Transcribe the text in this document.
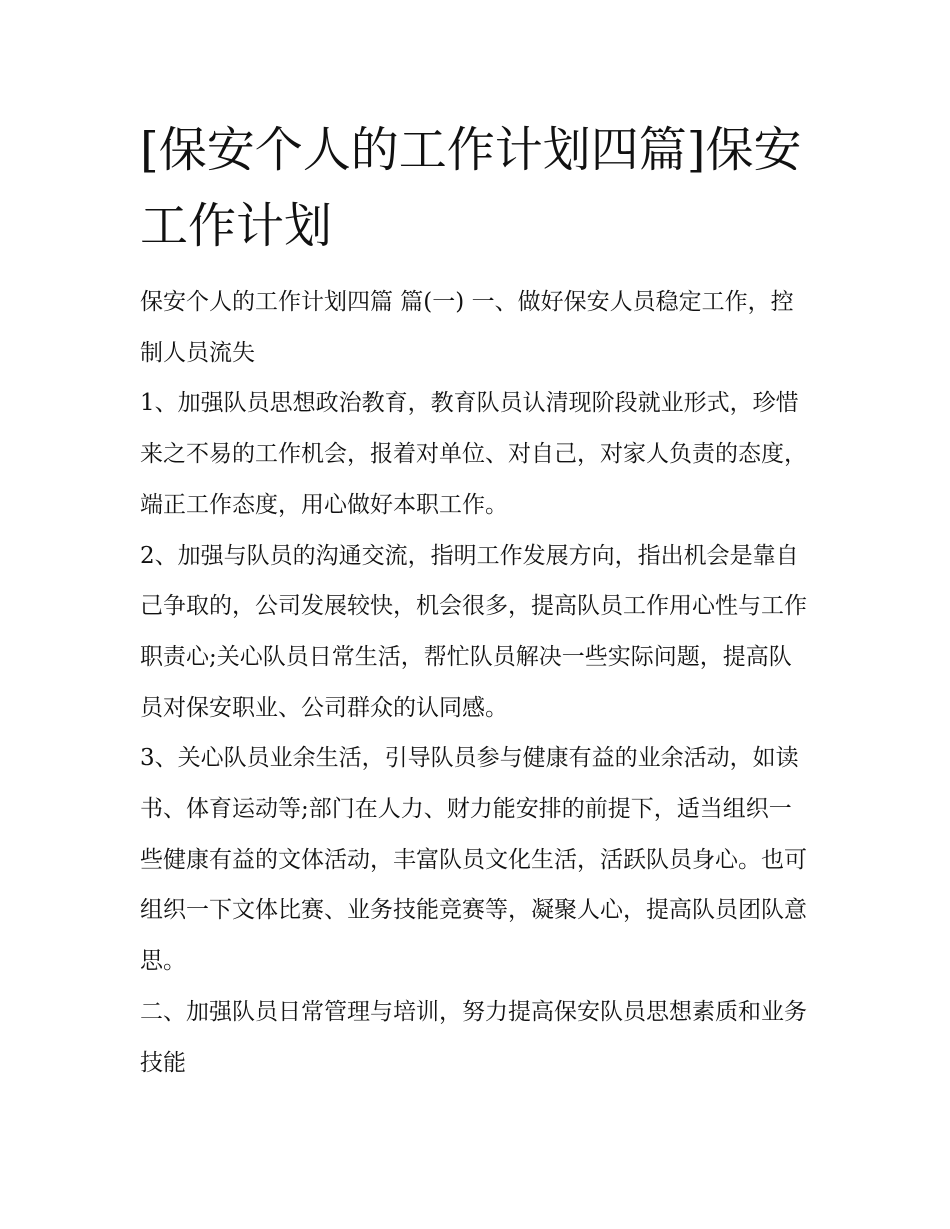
[保安个人的工作计划四篇]保安工作计划

保安个人的工作计划四篇 篇(一) 一、做好保安人员稳定工作，控制人员流失

1、加强队员思想政治教育，教育队员认清现阶段就业形式，珍惜来之不易的工作机会，报着对单位、对自己，对家人负责的态度，端正工作态度，用心做好本职工作。

2、加强与队员的沟通交流，指明工作发展方向，指出机会是靠自己争取的，公司发展较快，机会很多，提高队员工作用心性与工作职责心;关心队员日常生活，帮忙队员解决一些实际问题，提高队员对保安职业、公司群众的认同感。

3、关心队员业余生活，引导队员参与健康有益的业余活动，如读书、体育运动等;部门在人力、财力能安排的前提下，适当组织一些健康有益的文体活动，丰富队员文化生活，活跃队员身心。也可组织一下文体比赛、业务技能竞赛等，凝聚人心，提高队员团队意思。

二、加强队员日常管理与培训，努力提高保安队员思想素质和业务技能
